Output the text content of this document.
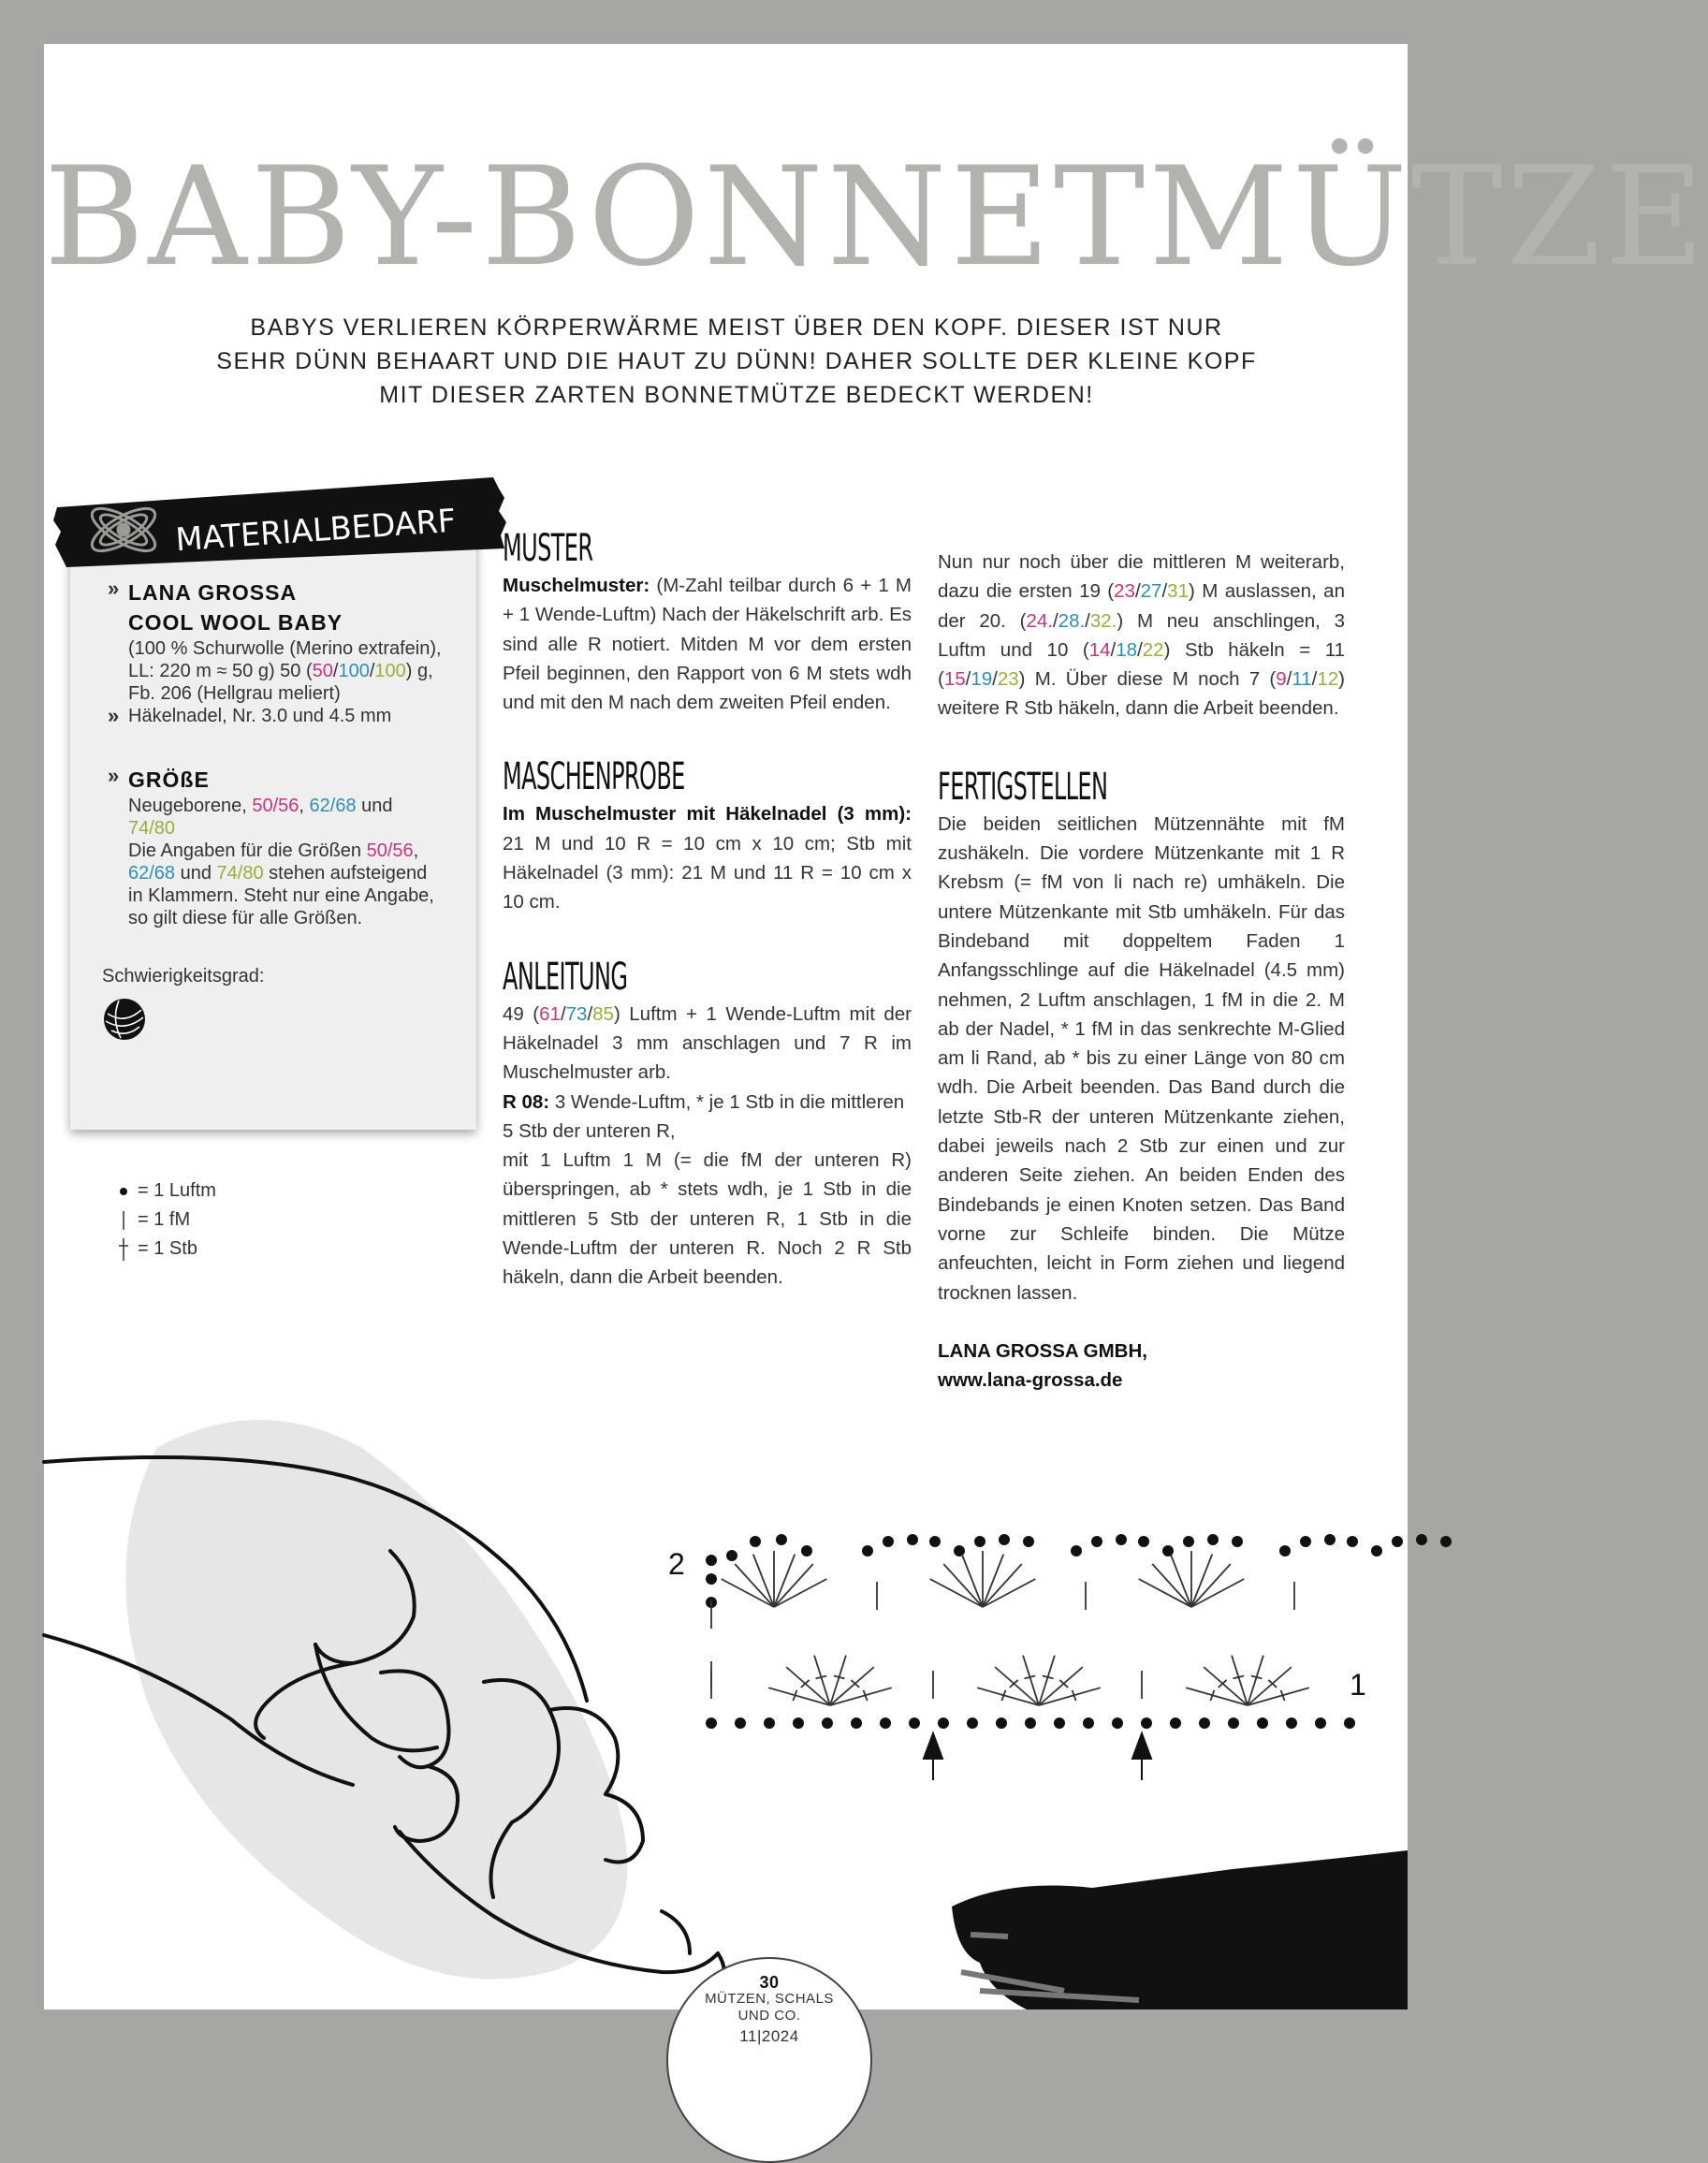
BABY-BONNETMÜTZE
BABYS VERLIEREN KÖRPERWÄRME MEIST ÜBER DEN KOPF. DIESER IST NUR
SEHR DÜNN BEHAART UND DIE HAUT ZU DÜNN! DAHER SOLLTE DER KLEINE KOPF
MIT DIESER ZARTEN BONNETMÜTZE BEDECKT WERDEN!
MATERIALBEDARF
» LANA GROSSA
COOL WOOL BABY
(100 % Schurwolle (Merino extrafein),
LL: 220 m ≈ 50 g) 50 (50/100/100) g,
Fb. 206 (Hellgrau meliert)
» Häkelnadel, Nr. 3.0 und 4.5 mm
» GRÖßE
Neugeborene, 50/56, 62/68 und
74/80
Die Angaben für die Größen 50/56,
62/68 und 74/80 stehen aufsteigend
in Klammern. Steht nur eine Angabe,
so gilt diese für alle Größen.
Schwierigkeitsgrad:
= 1 Luftm
= 1 fM
= 1 Stb
MUSTER

Muschelmuster: (M-Zahl teilbar durch 6 + 1 M + 1 Wende-Luftm) Nach der Häkelschrift arb. Es sind alle R notiert. Mitden M vor dem ersten Pfeil beginnen, den Rapport von 6 M stets wdh und mit den M nach dem zweiten Pfeil enden.

MASCHENPROBE

Im Muschelmuster mit Häkelnadel (3 mm): 21 M und 10 R = 10 cm x 10 cm; Stb mit Häkelnadel (3 mm): 21 M und 11 R = 10 cm x 10 cm.

ANLEITUNG

49 (61/73/85) Luftm + 1 Wende-Luftm mit der Häkelnadel 3 mm anschlagen und 7 R im Muschelmuster arb.

R 08: 3 Wende-Luftm, * je 1 Stb in die mittleren 5 Stb der unteren R,

mit 1 Luftm 1 M (= die fM der unteren R) überspringen, ab * stets wdh, je 1 Stb in die mittleren 5 Stb der unteren R, 1 Stb in die Wende-Luftm der unteren R. Noch 2 R Stb häkeln, dann die Arbeit beenden.

Nun nur noch über die mittleren M weiterarb, dazu die ersten 19 (23/27/31) M auslassen, an der 20. (24./28./32.) M neu anschlingen, 3 Luftm und 10 (14/18/22) Stb häkeln = 11 (15/19/23) M. Über diese M noch 7 (9/11/12) weitere R Stb häkeln, dann die Arbeit beenden.

FERTIGSTELLEN

Die beiden seitlichen Mützennähte mit fM zushäkeln. Die vordere Mützenkante mit 1 R Krebsm (= fM von li nach re) umhäkeln. Die untere Mützenkante mit Stb umhäkeln. Für das Bindeband mit doppeltem Faden 1 Anfangsschlinge auf die Häkelnadel (4.5 mm) nehmen, 2 Luftm anschlagen, 1 fM in die 2. M ab der Nadel, * 1 fM in das senkrechte M-Glied am li Rand, ab * bis zu einer Länge von 80 cm wdh. Die Arbeit beenden. Das Band durch die letzte Stb-R der unteren Mützenkante ziehen, dabei jeweils nach 2 Stb zur einen und zur anderen Seite ziehen. An beiden Enden des Bindebands je einen Knoten setzen. Das Band vorne zur Schleife binden. Die Mütze anfeuchten, leicht in Form ziehen und liegend trocknen lassen.

LANA GROSSA GMBH,

www.lana-grossa.de

2
1
30
MÜTZEN, SCHALS
UND CO.
11|2024
